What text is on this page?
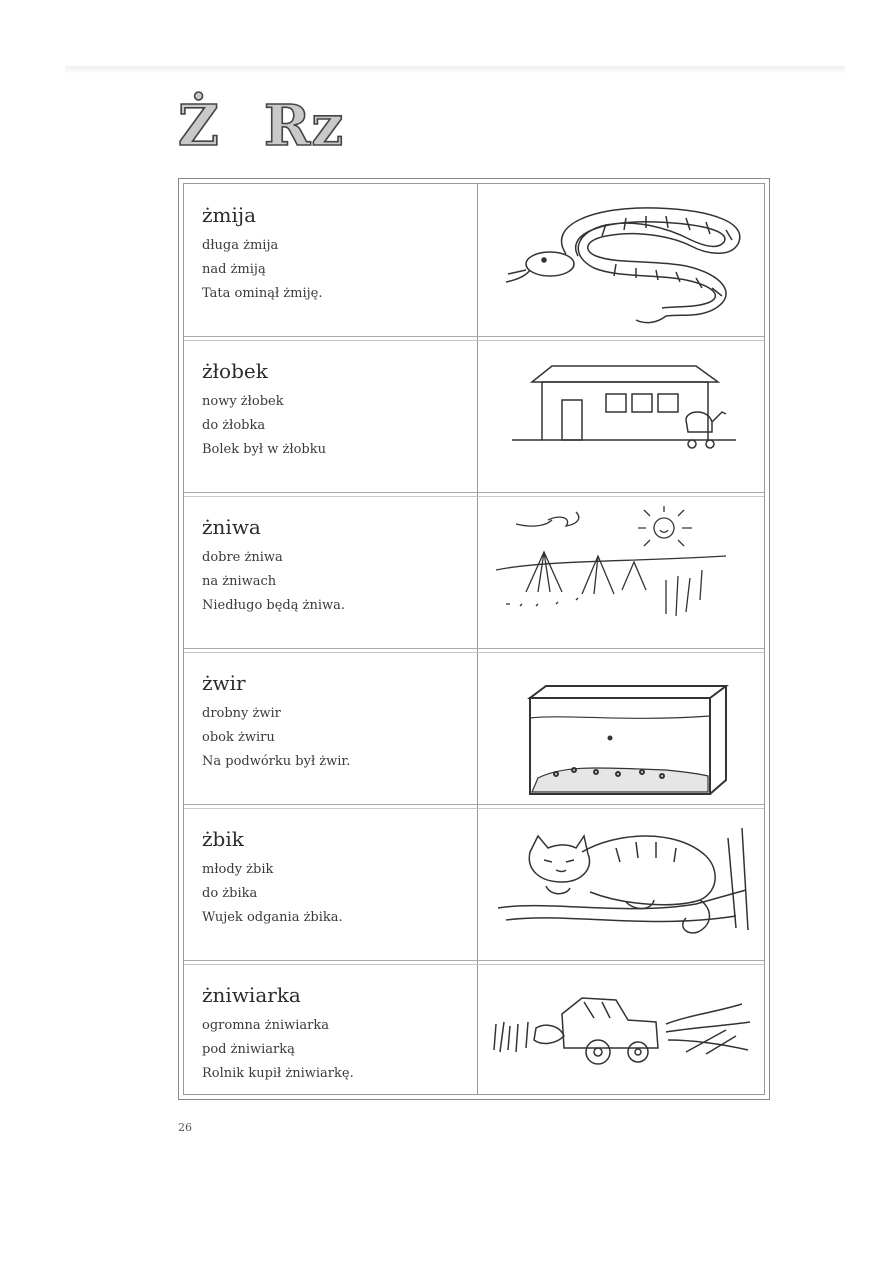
Ż Rz
żmija
długa żmija
nad żmiją
Tata ominął żmiję.
żłobek
nowy żłobek
do żłobka
Bolek był w żłobku
żniwa
dobre żniwa
na żniwach
Niedługo będą żniwa.
żwir
drobny żwir
obok żwiru
Na podwórku był żwir.
żbik
młody żbik
do żbika
Wujek odgania żbika.
żniwiarka
ogromna żniwiarka
pod żniwiarką
Rolnik kupił żniwiarkę.
26
